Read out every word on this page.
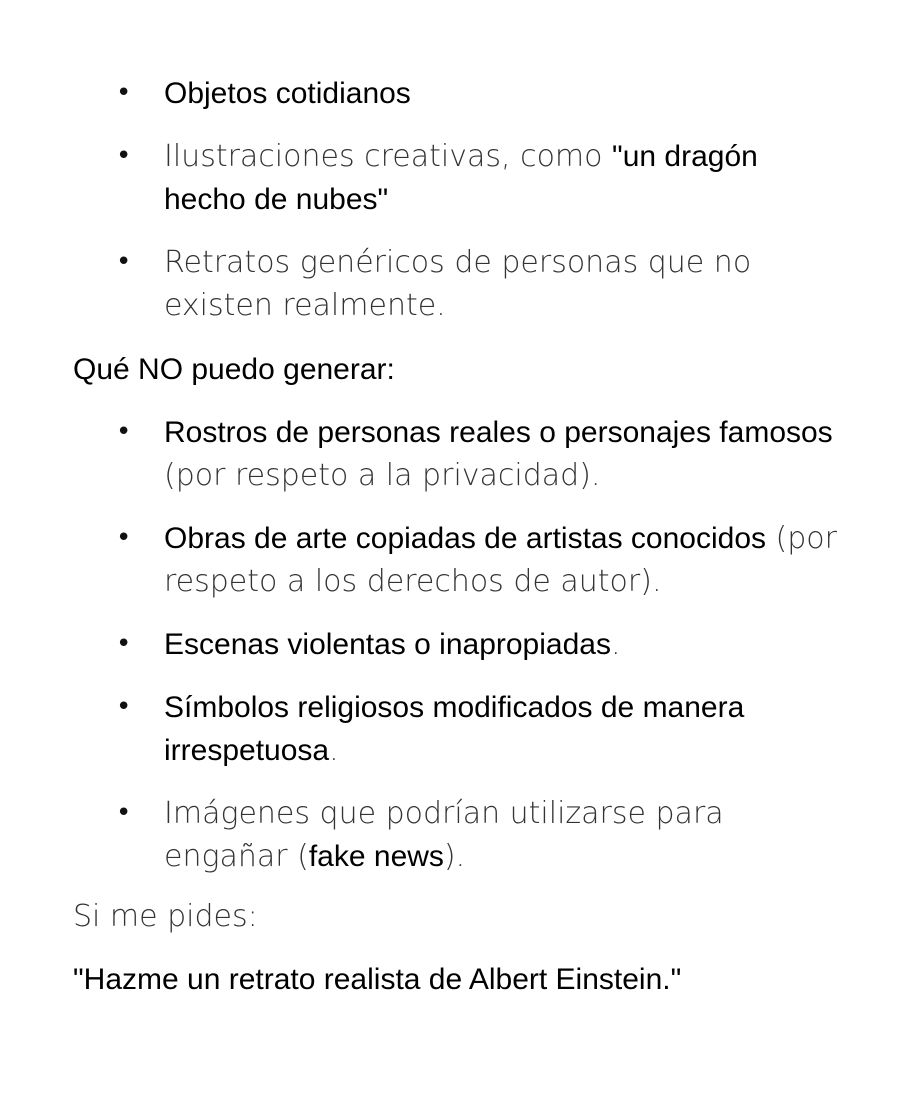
• Objetos cotidianos
• Ilustraciones creativas, como "un dragón hecho de nubes"
• Retratos genéricos de personas que no existen realmente.
Qué NO puedo generar:
• Rostros de personas reales o personajes famosos (por respeto a la privacidad).
• Obras de arte copiadas de artistas conocidos (por respeto a los derechos de autor).
• Escenas violentas o inapropiadas.
• Símbolos religiosos modificados de manera irrespetuosa.
• Imágenes que podrían utilizarse para engañar (fake news).
Si me pides:
"Hazme un retrato realista de Albert Einstein."
